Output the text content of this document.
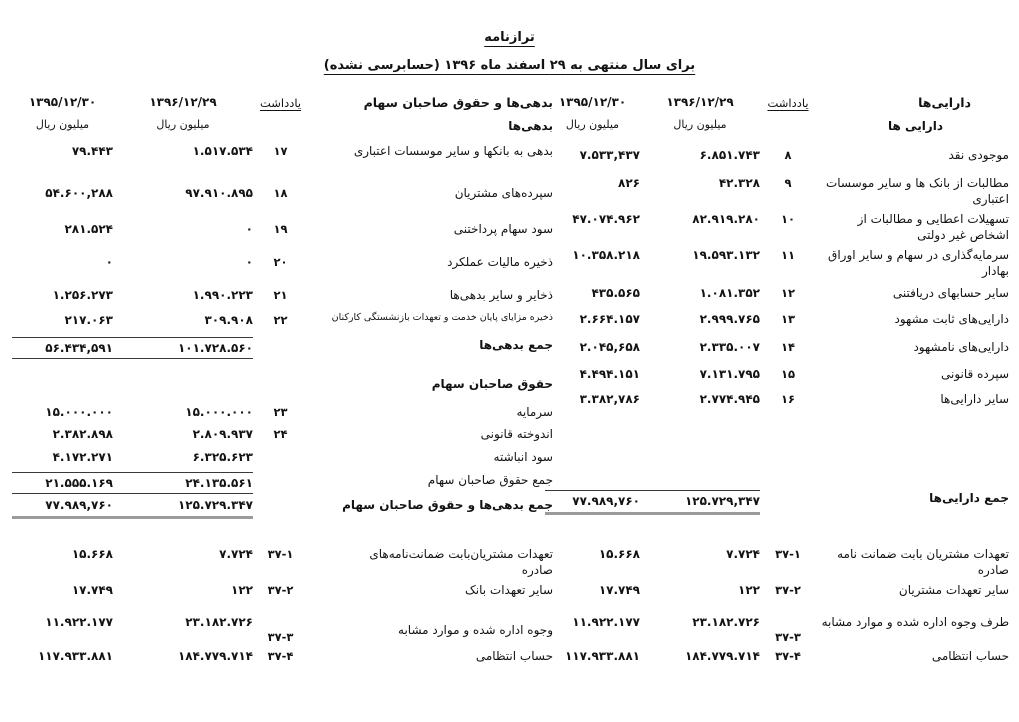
ترازنامه
برای سال منتهی به ۲۹ اسفند ماه ۱۳۹۶ (حسابرسی نشده)
دارایی‌ها
دارایی ها
یادداشت
۱۳۹۶/۱۲/۲۹
میلیون ریال
۱۳۹۵/۱۲/۳۰
میلیون ریال
موجودی نقد
۸
۶.۸۵۱.۷۴۳
۷.۵۳۳,۴۳۷
مطالبات از بانک ها و سایر موسسات اعتباری
۹
۴۲.۳۲۸
۸۲۶
تسهیلات اعطایی و مطالبات از اشخاص غیر دولتی
۱۰
۸۲.۹۱۹.۲۸۰
۴۷.۰۷۴.۹۶۲
سرمایه‌گذاری در سهام و سایر اوراق بهادار
۱۱
۱۹.۵۹۳.۱۳۲
۱۰.۳۵۸.۲۱۸
سایر حسابهای دریافتنی
۱۲
۱.۰۸۱.۳۵۲
۴۳۵.۵۶۵
دارایی‌های ثابت مشهود
۱۳
۲.۹۹۹.۷۶۵
۲.۶۶۴.۱۵۷
دارایی‌های نامشهود
۱۴
۲.۳۳۵.۰۰۷
۲.۰۴۵,۶۵۸
سپرده قانونی
۱۵
۷.۱۳۱.۷۹۵
۴.۴۹۴.۱۵۱
سایر دارایی‌ها
۱۶
۲.۷۷۴.۹۴۵
۳.۳۸۲,۷۸۶
جمع دارایی‌ها
۱۲۵.۷۲۹,۳۴۷
۷۷.۹۸۹,۷۶۰
تعهدات مشتریان بابت ضمانت نامه صادره
۳۷-۱
۷.۷۲۴
۱۵.۶۶۸
سایر تعهدات مشتریان
۳۷-۲
۱۲۲
۱۷.۷۴۹
طرف وجوه اداره شده و موارد مشابه
۳۷-۳
۲۳.۱۸۲.۷۲۶
۱۱.۹۲۲.۱۷۷
حساب انتظامی
۳۷-۴
۱۸۴.۷۷۹.۷۱۴
۱۱۷.۹۳۳.۸۸۱
بدهی‌ها و حقوق صاحبان سهام
بدهی‌ها
یادداشت
۱۳۹۶/۱۲/۲۹
میلیون ریال
۱۳۹۵/۱۲/۳۰
میلیون ریال
بدهی به بانکها و سایر موسسات اعتباری
۱۷
۱.۵۱۷.۵۳۴
۷۹.۴۴۳
سپرده‌های مشتریان
۱۸
۹۷.۹۱۰.۸۹۵
۵۴.۶۰۰,۲۸۸
سود سهام پرداختنی
۱۹
۰
۲۸۱.۵۲۴
ذخیره مالیات عملکرد
۲۰
۰
۰
ذخایر و سایر بدهی‌ها
۲۱
۱.۹۹۰.۲۲۳
۱.۲۵۶.۲۷۳
ذخیره مزایای پایان خدمت و تعهدات بازنشستگی کارکنان
۲۲
۳۰۹.۹۰۸
۲۱۷.۰۶۳
جمع بدهی‌ها
۱۰۱.۷۲۸.۵۶۰
۵۶.۴۳۴,۵۹۱
حقوق صاحبان سهام
سرمایه
۲۳
۱۵.۰۰۰.۰۰۰
۱۵.۰۰۰.۰۰۰
اندوخته قانونی
۲۴
۲.۸۰۹.۹۳۷
۲.۳۸۲.۸۹۸
سود انباشته
۶.۳۲۵.۶۲۳
۴.۱۷۲.۲۷۱
جمع حقوق صاحبان سهام
۲۴.۱۳۵.۵۶۱
۲۱.۵۵۵.۱۶۹
جمع بدهی‌ها و حقوق صاحبان سهام
۱۲۵.۷۲۹.۳۴۷
۷۷.۹۸۹,۷۶۰
تعهدات مشتریان‌بابت ضمانت‌نامه‌های صادره
۳۷-۱
۷.۷۲۴
۱۵.۶۶۸
سایر تعهدات بانک
۳۷-۲
۱۲۲
۱۷.۷۴۹
وجوه اداره شده و موارد مشابه
۳۷-۳
۲۳.۱۸۲.۷۲۶
۱۱.۹۲۲.۱۷۷
حساب انتظامی
۳۷-۴
۱۸۴.۷۷۹.۷۱۴
۱۱۷.۹۳۳.۸۸۱
